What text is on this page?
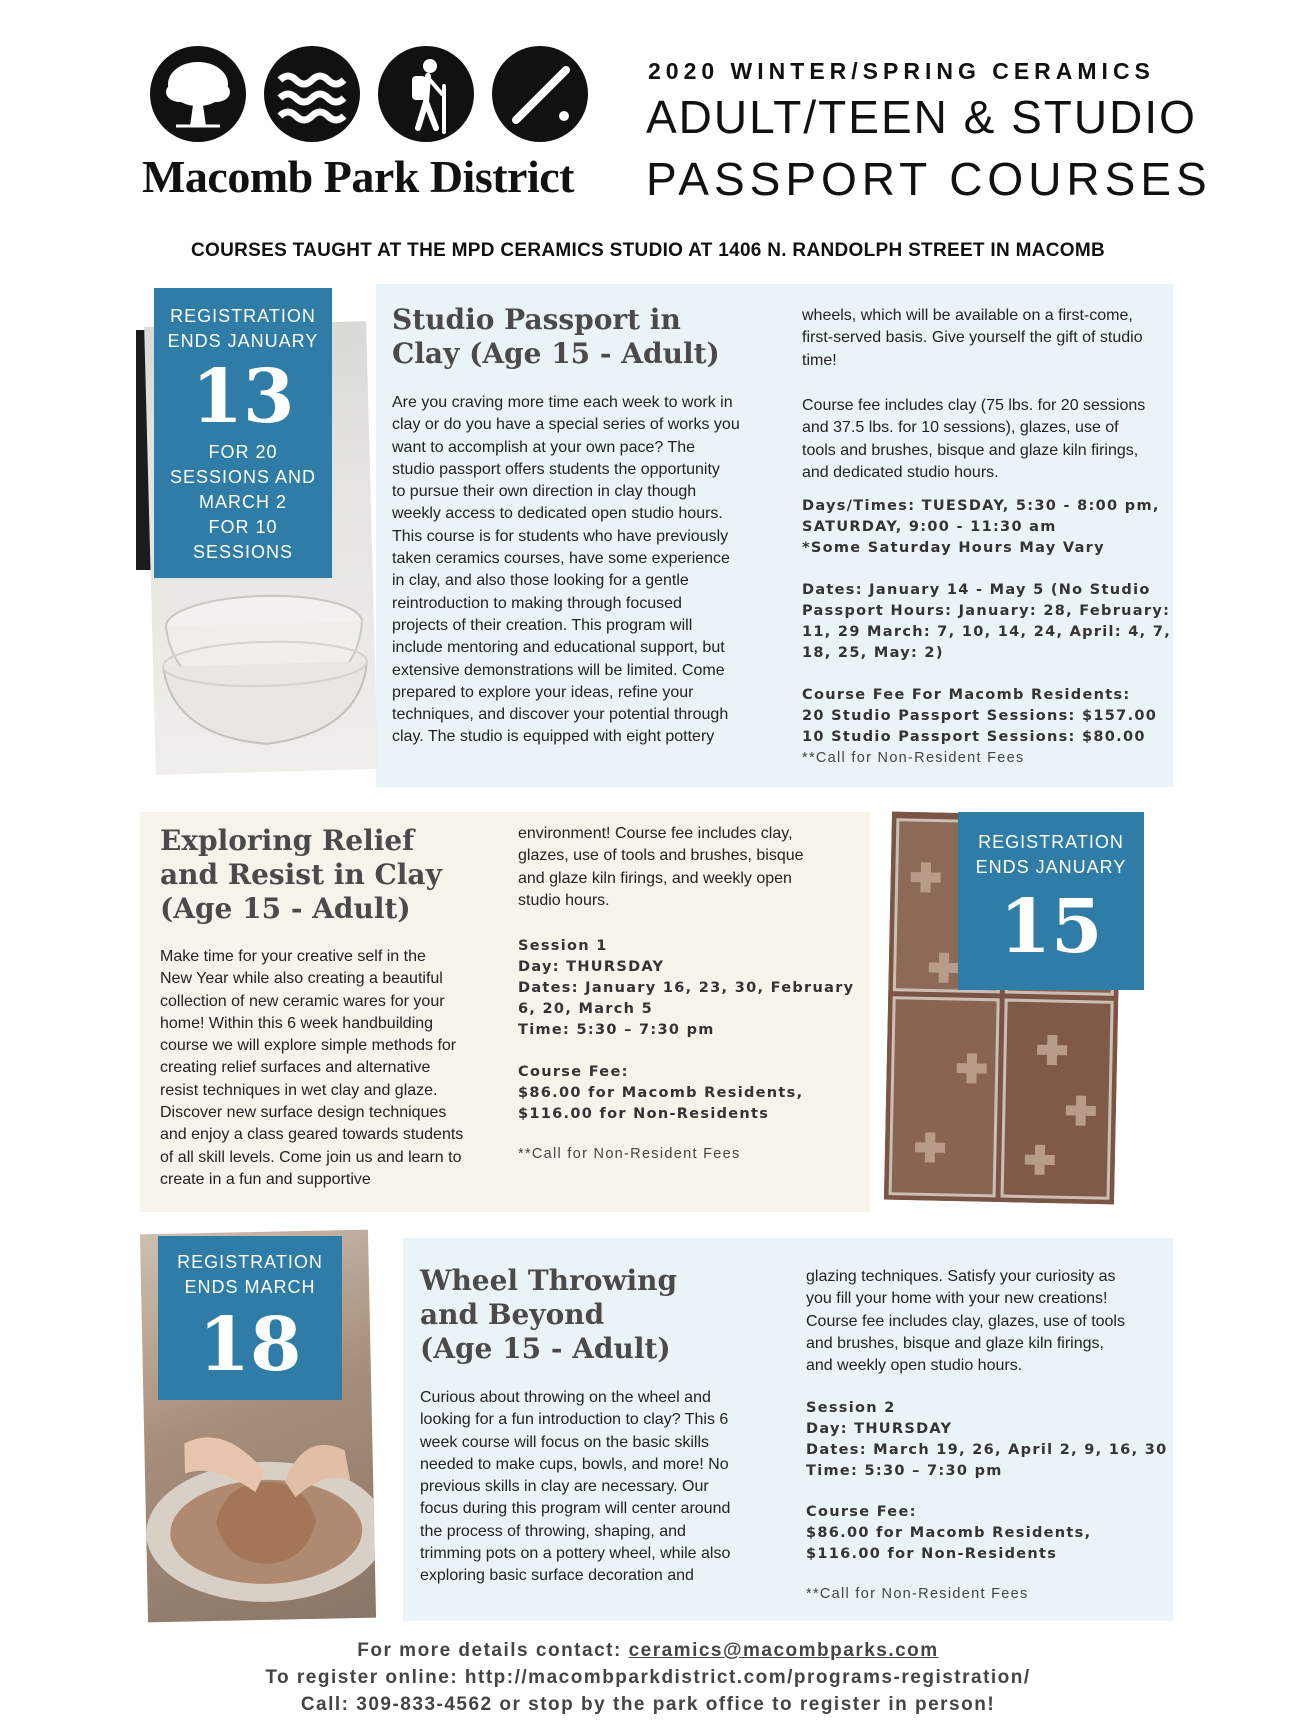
Macomb Park District
2020 WINTER/SPRING CERAMICS
ADULT/TEEN & STUDIO
PASSPORT COURSES
COURSES TAUGHT AT THE MPD CERAMICS STUDIO AT 1406 N. RANDOLPH STREET IN MACOMB
REGISTRATION
ENDS JANUARY
13
FOR 20
SESSIONS AND
MARCH 2
FOR 10
SESSIONS
Studio Passport in
Clay (Age 15 - Adult)
Are you craving more time each week to work in
clay or do you have a special series of works you
want to accomplish at your own pace? The
studio passport offers students the opportunity
to pursue their own direction in clay though
weekly access to dedicated open studio hours.
This course is for students who have previously
taken ceramics courses, have some experience
in clay, and also those looking for a gentle
reintroduction to making through focused
projects of their creation. This program will
include mentoring and educational support, but
extensive demonstrations will be limited. Come
prepared to explore your ideas, refine your
techniques, and discover your potential through
clay. The studio is equipped with eight pottery
wheels, which will be available on a first-come,
first-served basis. Give yourself the gift of studio
time!
Course fee includes clay (75 lbs. for 20 sessions
and 37.5 lbs. for 10 sessions), glazes, use of
tools and brushes, bisque and glaze kiln firings,
and dedicated studio hours.
Days/Times: TUESDAY, 5:30 - 8:00 pm,
SATURDAY, 9:00 - 11:30 am
*Some Saturday Hours May Vary
Dates: January 14 - May 5 (No Studio
Passport Hours: January: 28, February:
11, 29 March: 7, 10, 14, 24, April: 4, 7,
18, 25, May: 2)
Course Fee For Macomb Residents:
20 Studio Passport Sessions: $157.00
10 Studio Passport Sessions: $80.00
**Call for Non-Resident Fees
REGISTRATION
ENDS JANUARY
15
Exploring Relief
and Resist in Clay
(Age 15 - Adult)
Make time for your creative self in the
New Year while also creating a beautiful
collection of new ceramic wares for your
home! Within this 6 week handbuilding
course we will explore simple methods for
creating relief surfaces and alternative
resist techniques in wet clay and glaze.
Discover new surface design techniques
and enjoy a class geared towards students
of all skill levels. Come join us and learn to
create in a fun and supportive
environment! Course fee includes clay,
glazes, use of tools and brushes, bisque
and glaze kiln firings, and weekly open
studio hours.
Session 1
Day: THURSDAY
Dates: January 16, 23, 30, February
6, 20, March 5
Time: 5:30 – 7:30 pm
Course Fee:
$86.00 for Macomb Residents,
$116.00 for Non-Residents
**Call for Non-Resident Fees
REGISTRATION
ENDS MARCH
18
Wheel Throwing
and Beyond
(Age 15 - Adult)
Curious about throwing on the wheel and
looking for a fun introduction to clay? This 6
week course will focus on the basic skills
needed to make cups, bowls, and more! No
previous skills in clay are necessary. Our
focus during this program will center around
the process of throwing, shaping, and
trimming pots on a pottery wheel, while also
exploring basic surface decoration and
glazing techniques. Satisfy your curiosity as
you fill your home with your new creations!
Course fee includes clay, glazes, use of tools
and brushes, bisque and glaze kiln firings,
and weekly open studio hours.
Session 2
Day: THURSDAY
Dates: March 19, 26, April 2, 9, 16, 30
Time: 5:30 – 7:30 pm
Course Fee:
$86.00 for Macomb Residents,
$116.00 for Non-Residents
**Call for Non-Resident Fees
For more details contact: ceramics@macombparks.com
To register online: http://macombparkdistrict.com/programs-registration/
Call: 309-833-4562 or stop by the park office to register in person!
